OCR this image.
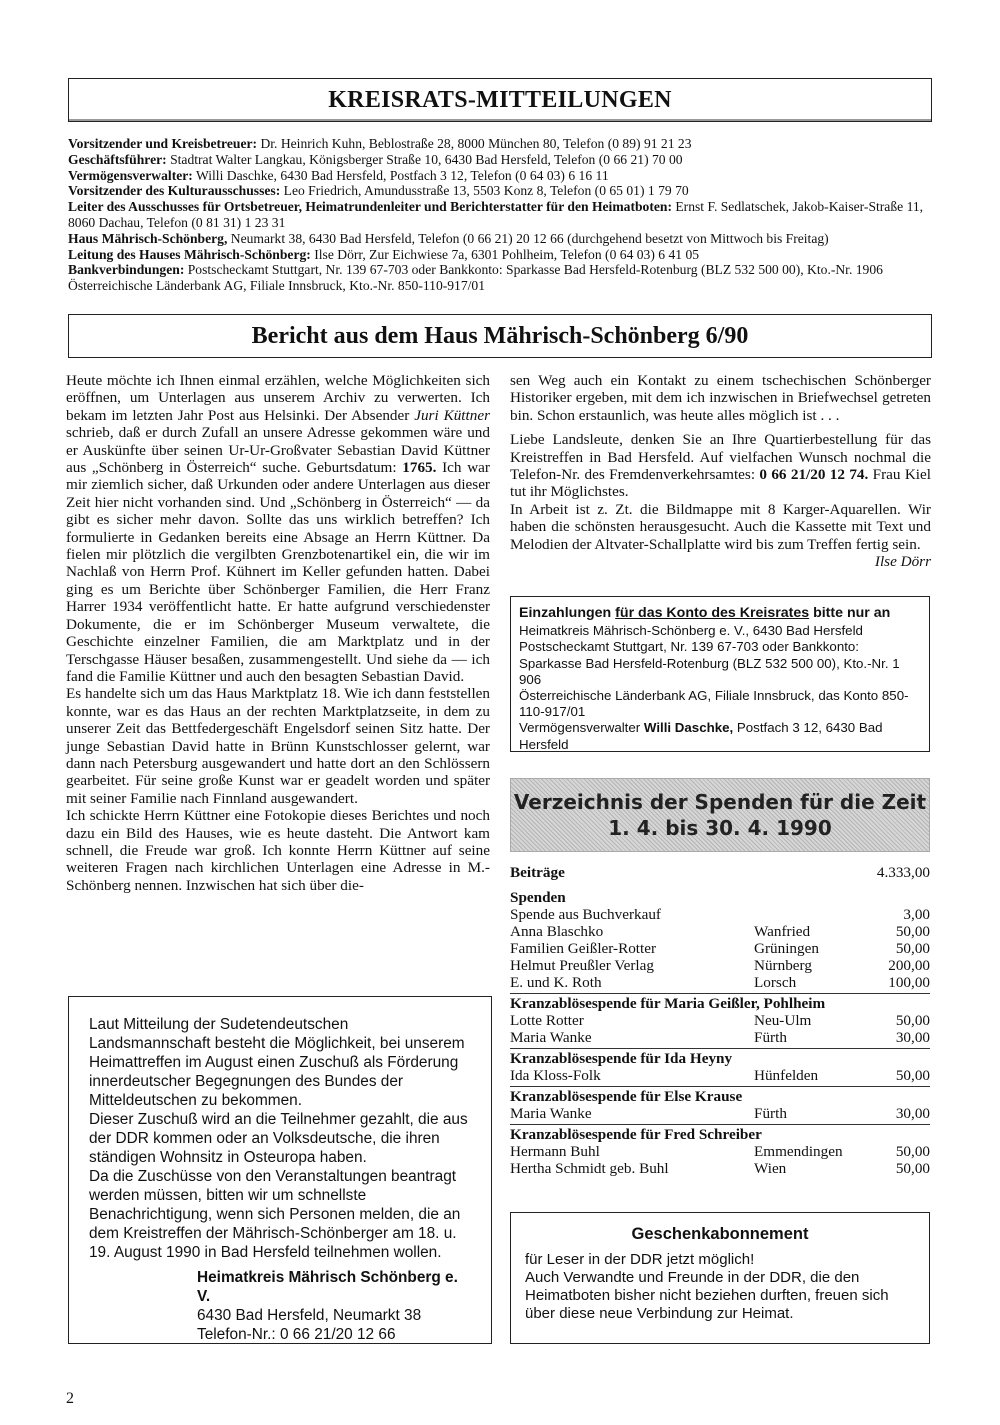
KREISRATS-MITTEILUNGEN

Vorsitzender und Kreisbetreuer: Dr. Heinrich Kuhn, Beblostraße 28, 8000 München 80, Telefon (0 89) 91 21 23

Geschäftsführer: Stadtrat Walter Langkau, Königsberger Straße 10, 6430 Bad Hersfeld, Telefon (0 66 21) 70 00

Vermögensverwalter: Willi Daschke, 6430 Bad Hersfeld, Postfach 3 12, Telefon (0 64 03) 6 16 11

Vorsitzender des Kulturausschusses: Leo Friedrich, Amundusstraße 13, 5503 Konz 8, Telefon (0 65 01) 1 79 70

Leiter des Ausschusses für Ortsbetreuer, Heimatrundenleiter und Berichterstatter für den Heimatboten: Ernst F. Sedlatschek, Jakob-Kaiser-Straße 11, 8060 Dachau, Telefon (0 81 31) 1 23 31

Haus Mährisch-Schönberg, Neumarkt 38, 6430 Bad Hersfeld, Telefon (0 66 21) 20 12 66 (durchgehend besetzt von Mittwoch bis Freitag)

Leitung des Hauses Mährisch-Schönberg: Ilse Dörr, Zur Eichwiese 7a, 6301 Pohlheim, Telefon (0 64 03) 6 41 05

Bankverbindungen: Postscheckamt Stuttgart, Nr. 139 67-703 oder Bankkonto: Sparkasse Bad Hersfeld-Rotenburg (BLZ 532 500 00), Kto.-Nr. 1906 Österreichische Länderbank AG, Filiale Innsbruck, Kto.-Nr. 850-110-917/01

Bericht aus dem Haus Mährisch-Schönberg 6/90

Heute möchte ich Ihnen einmal erzählen, welche Möglichkeiten sich eröffnen, um Unterlagen aus unserem Archiv zu verwerten. Ich bekam im letzten Jahr Post aus Helsinki. Der Absender Juri Küttner schrieb, daß er durch Zufall an unsere Adresse gekommen wäre und er Auskünfte über seinen Ur-Ur-Großvater Sebastian David Küttner aus „Schönberg in Österreich“ suche. Geburtsdatum: 1765. Ich war mir ziemlich sicher, daß Urkunden oder andere Unterlagen aus dieser Zeit hier nicht vorhanden sind. Und „Schönberg in Österreich“ — da gibt es sicher mehr davon. Sollte das uns wirklich betreffen? Ich formulierte in Gedanken bereits eine Absage an Herrn Küttner. Da fielen mir plötzlich die vergilbten Grenzbotenartikel ein, die wir im Nachlaß von Herrn Prof. Kühnert im Keller gefunden hatten. Dabei ging es um Berichte über Schönberger Familien, die Herr Franz Harrer 1934 veröffentlicht hatte. Er hatte aufgrund verschiedenster Dokumente, die er im Schönberger Museum verwaltete, die Geschichte einzelner Familien, die am Marktplatz und in der Terschgasse Häuser besaßen, zusammengestellt. Und siehe da — ich fand die Familie Küttner und auch den besagten Sebastian David.

Es handelte sich um das Haus Marktplatz 18. Wie ich dann feststellen konnte, war es das Haus an der rechten Marktplatzseite, in dem zu unserer Zeit das Bettfedergeschäft Engelsdorf seinen Sitz hatte. Der junge Sebastian David hatte in Brünn Kunstschlosser gelernt, war dann nach Petersburg ausgewandert und hatte dort an den Schlössern gearbeitet. Für seine große Kunst war er geadelt worden und später mit seiner Familie nach Finnland ausgewandert.

Ich schickte Herrn Küttner eine Fotokopie dieses Berichtes und noch dazu ein Bild des Hauses, wie es heute dasteht. Die Antwort kam schnell, die Freude war groß. Ich konnte Herrn Küttner auf seine weiteren Fragen nach kirchlichen Unterlagen eine Adresse in M.-Schönberg nennen. Inzwischen hat sich über die-

sen Weg auch ein Kontakt zu einem tschechischen Schönberger Historiker ergeben, mit dem ich inzwischen in Briefwechsel getreten bin. Schon erstaunlich, was heute alles möglich ist . . .

Liebe Landsleute, denken Sie an Ihre Quartierbestellung für das Kreistreffen in Bad Hersfeld. Auf vielfachen Wunsch nochmal die Telefon-Nr. des Fremdenverkehrsamtes: 0 66 21/20 12 74. Frau Kiel tut ihr Möglichstes.

In Arbeit ist z. Zt. die Bildmappe mit 8 Karger-Aquarellen. Wir haben die schönsten herausgesucht. Auch die Kassette mit Text und Melodien der Altvater-Schallplatte wird bis zum Treffen fertig sein.
Ilse Dörr

Einzahlungen für das Konto des Kreisrates bitte nur an

Heimatkreis Mährisch-Schönberg e. V., 6430 Bad Hersfeld

Postscheckamt Stuttgart, Nr. 139 67-703 oder Bankkonto: Sparkasse Bad Hersfeld-Rotenburg (BLZ 532 500 00), Kto.-Nr. 1 906

Österreichische Länderbank AG, Filiale Innsbruck, das Konto 850-110-917/01

Vermögensverwalter Willi Daschke, Postfach 3 12, 6430 Bad Hersfeld

Verzeichnis der Spenden für die Zeit
1. 4. bis 30. 4. 1990
Beiträge	4.333,00
Spenden
Spende aus Buchverkauf	3,00
Anna Blaschko	Wanfried	50,00
Familien Geißler-Rotter	Grüningen	50,00
Helmut Preußler Verlag	Nürnberg	200,00
E. und K. Roth	Lorsch	100,00
Kranzablösespende für Maria Geißler, Pohlheim
Lotte Rotter	Neu-Ulm	50,00
Maria Wanke	Fürth	30,00
Kranzablösespende für Ida Heyny
Ida Kloss-Folk	Hünfelden	50,00
Kranzablösespende für Else Krause
Maria Wanke	Fürth	30,00
Kranzablösespende für Fred Schreiber
Hermann Buhl	Emmendingen	50,00
Hertha Schmidt geb. Buhl	Wien	50,00

Laut Mitteilung der Sudetendeutschen Landsmannschaft besteht die Möglichkeit, bei unserem Heimattreffen im August einen Zuschuß als Förderung innerdeutscher Begegnungen des Bundes der Mitteldeutschen zu bekommen.

Dieser Zuschuß wird an die Teilnehmer gezahlt, die aus der DDR kommen oder an Volksdeutsche, die ihren ständigen Wohnsitz in Osteuropa haben.

Da die Zuschüsse von den Veranstaltungen beantragt werden müssen, bitten wir um schnellste Benachrichtigung, wenn sich Personen melden, die an dem Kreistreffen der Mährisch-Schönberger am 18. u. 19. August 1990 in Bad Hersfeld teilnehmen wollen.

Heimatkreis Mährisch Schönberg e. V.
6430 Bad Hersfeld, Neumarkt 38
Telefon-Nr.: 0 66 21/20 12 66

Geschenkabonnement

für Leser in der DDR jetzt möglich!

Auch Verwandte und Freunde in der DDR, die den Heimatboten bisher nicht beziehen durften, freuen sich über diese neue Verbindung zur Heimat.

2
